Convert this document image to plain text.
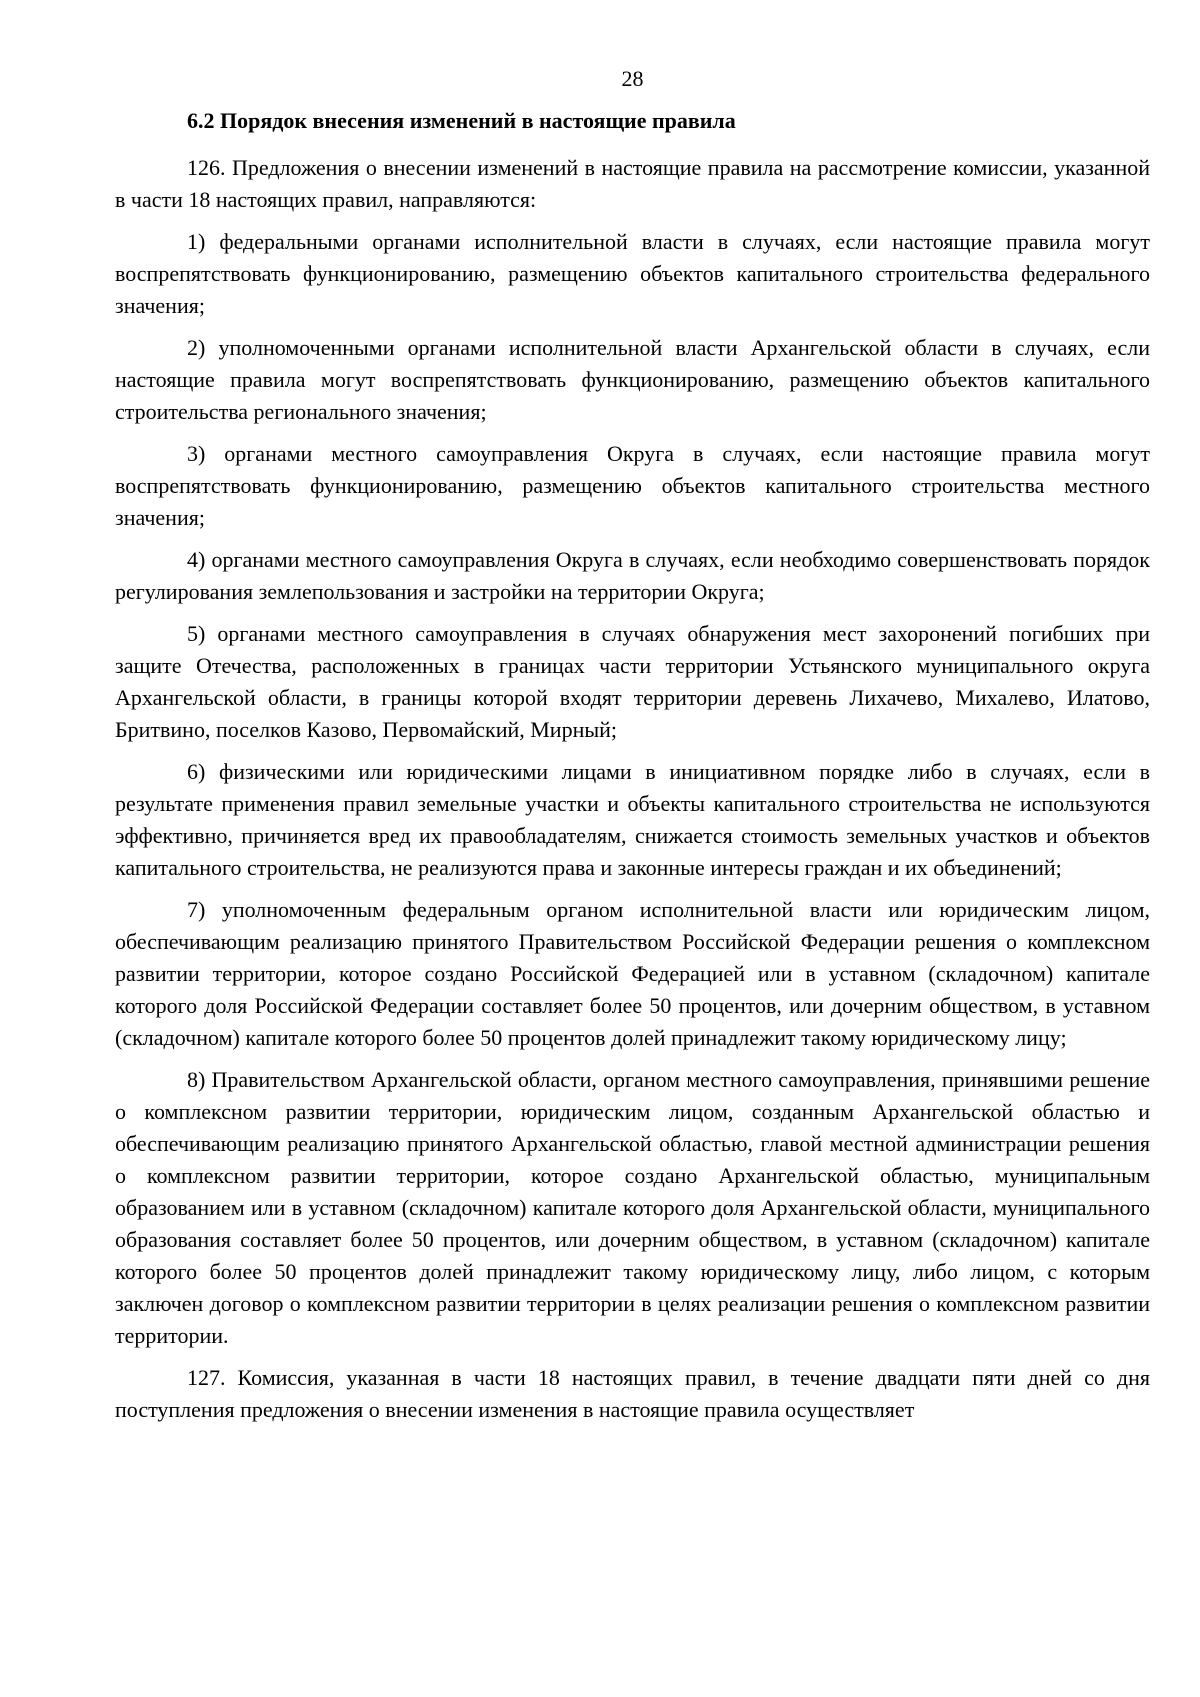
28
6.2 Порядок внесения изменений в настоящие правила

126. Предложения о внесении изменений в настоящие правила на рассмотрение комиссии, указанной в части 18 настоящих правил, направляются:

1) федеральными органами исполнительной власти в случаях, если настоящие правила могут воспрепятствовать функционированию, размещению объектов капитального строительства федерального значения;

2) уполномоченными органами исполнительной власти Архангельской области в случаях, если настоящие правила могут воспрепятствовать функционированию, размещению объектов капитального строительства регионального значения;

3) органами местного самоуправления Округа в случаях, если настоящие правила могут воспрепятствовать функционированию, размещению объектов капитального строительства местного значения;

4) органами местного самоуправления Округа в случаях, если необходимо совершенствовать порядок регулирования землепользования и застройки на территории Округа;

5) органами местного самоуправления в случаях обнаружения мест захоронений погибших при защите Отечества, расположенных в границах части территории Устьянского муниципального округа Архангельской области, в границы которой входят территории деревень Лихачево, Михалево, Илатово, Бритвино, поселков Казово, Первомайский, Мирный;

6) физическими или юридическими лицами в инициативном порядке либо в случаях, если в результате применения правил земельные участки и объекты капитального строительства не используются эффективно, причиняется вред их правообладателям, снижается стоимость земельных участков и объектов капитального строительства, не реализуются права и законные интересы граждан и их объединений;

7) уполномоченным федеральным органом исполнительной власти или юридическим лицом, обеспечивающим реализацию принятого Правительством Российской Федерации решения о комплексном развитии территории, которое создано Российской Федерацией или в уставном (складочном) капитале которого доля Российской Федерации составляет более 50 процентов, или дочерним обществом, в уставном (складочном) капитале которого более 50 процентов долей принадлежит такому юридическому лицу;

8) Правительством Архангельской области, органом местного самоуправления, принявшими решение о комплексном развитии территории, юридическим лицом, созданным Архангельской областью и обеспечивающим реализацию принятого Архангельской областью, главой местной администрации решения о комплексном развитии территории, которое создано Архангельской областью, муниципальным образованием или в уставном (складочном) капитале которого доля Архангельской области, муниципального образования составляет более 50 процентов, или дочерним обществом, в уставном (складочном) капитале которого более 50 процентов долей принадлежит такому юридическому лицу, либо лицом, с которым заключен договор о комплексном развитии территории в целях реализации решения о комплексном развитии территории.

127. Комиссия, указанная в части 18 настоящих правил, в течение двадцати пяти дней со дня поступления предложения о внесении изменения в настоящие правила осуществляет
